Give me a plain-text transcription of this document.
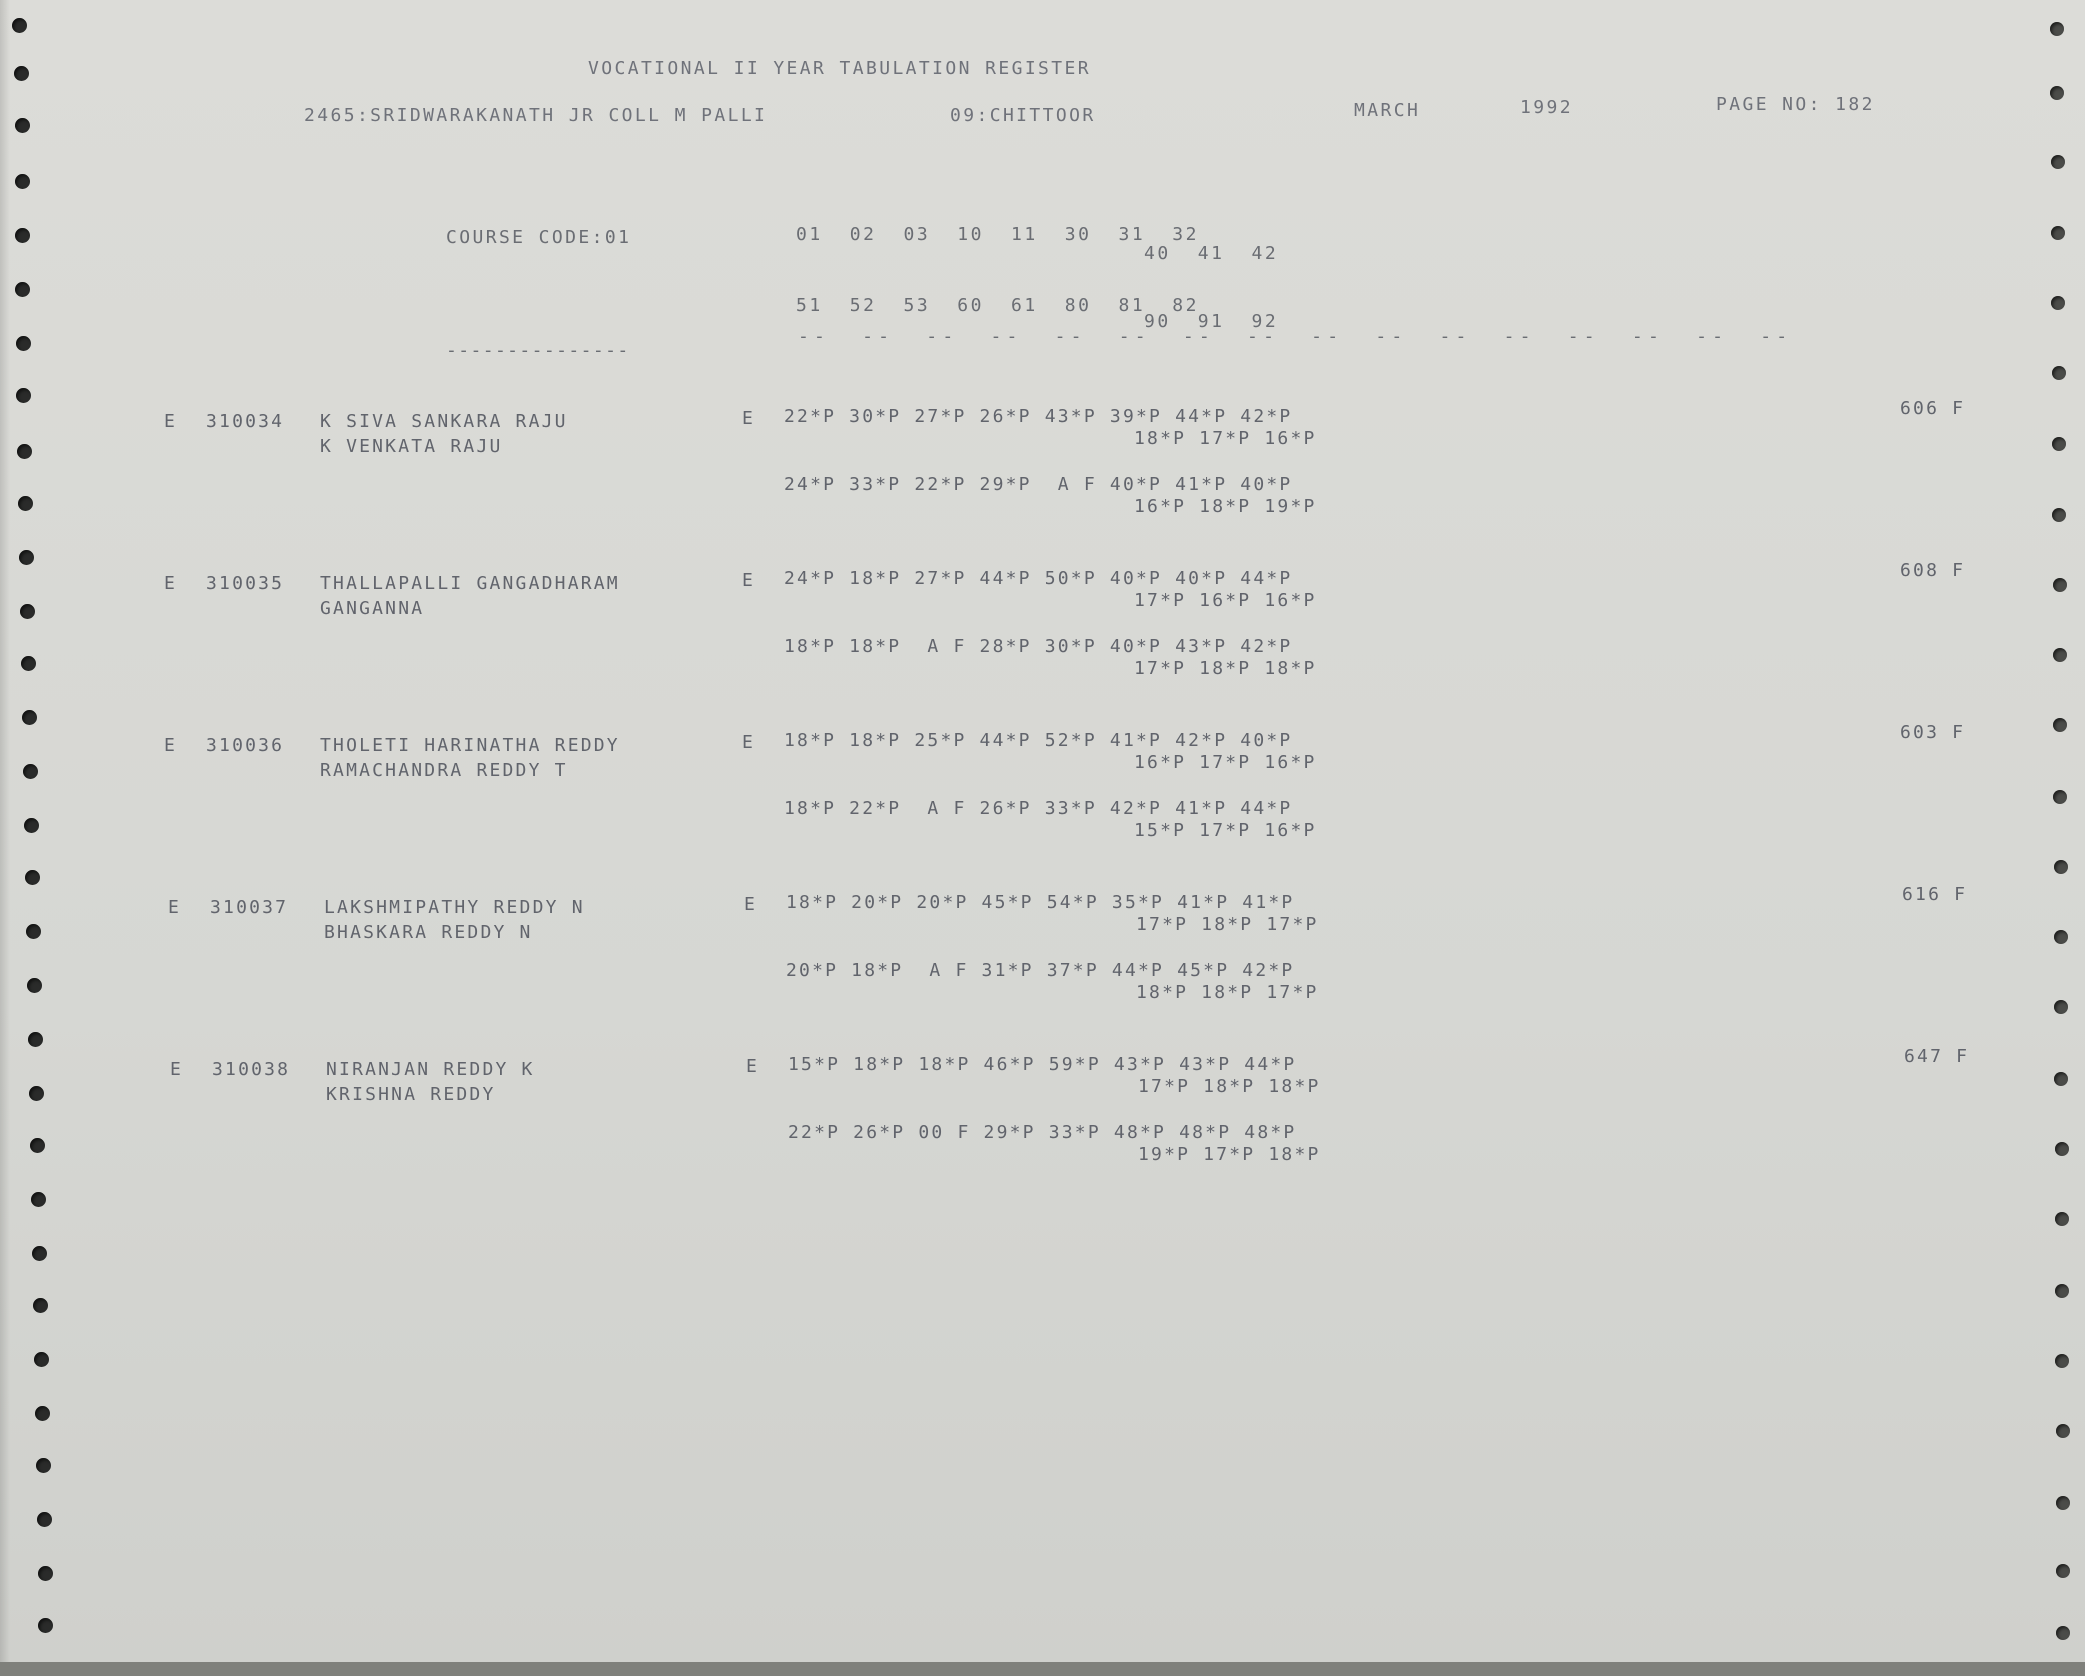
VOCATIONAL II YEAR TABULATION REGISTER
2465:SRIDWARAKANATH JR COLL M PALLI	09:CHITTOOR	MARCH	1992	PAGE NO: 182
COURSE CODE:01	01  02  03  10  11  30  31  32
40  41  42
51  52  53  60  61  80  81  82
90  91  92
---------------
--  --  --  --  --  --  --  --  --  --  --  --  --  --  --  --
E 310034 K SIVA SANKARA RAJU
K VENKATA RAJU
E 22*P 30*P 27*P 26*P 43*P 39*P 44*P 42*P
18*P 17*P 16*P
24*P 33*P 22*P 29*P  A F 40*P 41*P 40*P
16*P 18*P 19*P
606 F
E 310035 THALLAPALLI GANGADHARAM
GANGANNA
E 24*P 18*P 27*P 44*P 50*P 40*P 40*P 44*P
17*P 16*P 16*P
18*P 18*P  A F 28*P 30*P 40*P 43*P 42*P
17*P 18*P 18*P
608 F
E 310036 THOLETI HARINATHA REDDY
RAMACHANDRA REDDY T
E 18*P 18*P 25*P 44*P 52*P 41*P 42*P 40*P
16*P 17*P 16*P
18*P 22*P  A F 26*P 33*P 42*P 41*P 44*P
15*P 17*P 16*P
603 F
E 310037 LAKSHMIPATHY REDDY N
BHASKARA REDDY N
E 18*P 20*P 20*P 45*P 54*P 35*P 41*P 41*P
17*P 18*P 17*P
20*P 18*P  A F 31*P 37*P 44*P 45*P 42*P
18*P 18*P 17*P
616 F
E 310038 NIRANJAN REDDY K
KRISHNA REDDY
E 15*P 18*P 18*P 46*P 59*P 43*P 43*P 44*P
17*P 18*P 18*P
22*P 26*P 00 F 29*P 33*P 48*P 48*P 48*P
19*P 17*P 18*P
647 F
